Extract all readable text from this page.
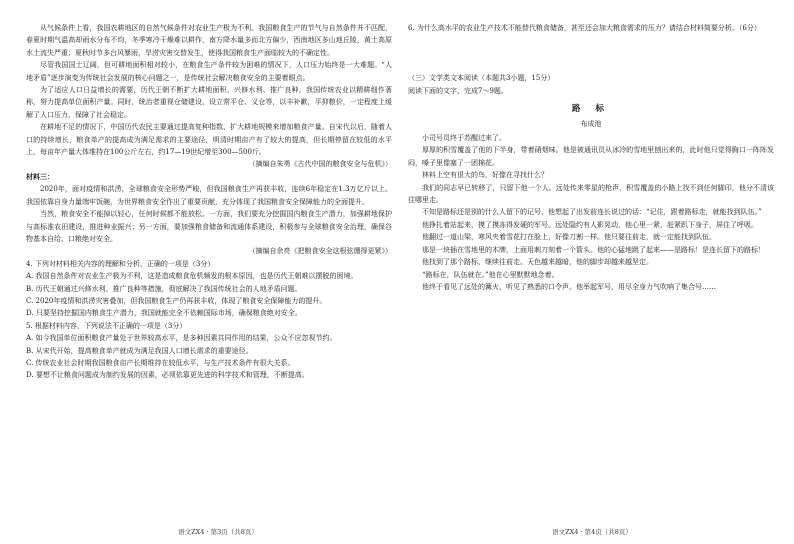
从气候条件上看，我国农耕地区的自然气候条件对农业生产极为不利。我国粮食生产的节气与自然条件并不匹配，春夏时期气温高却雨水分布不均，冬季寒冷干燥难以耕作，南方降水量多而北方偏少，西南地区多山地丘陵，黄土高原水土流失严重；夏秋时节多台风暴雨，旱涝灾害交替发生，使得我国粮食生产面临较大的不确定性。

尽管我国国土辽阔，但可耕地面积相对较小，在粮食生产条件较为困难的情况下，人口压力始终是一大难题。“人地矛盾”逐步演变为传统社会发展的核心问题之一，是传统社会解决粮食安全的主要着眼点。

为了适应人口日益增长的需要，历代王朝不断扩大耕地面积、兴修水利、推广良种，我国传统农业以精耕细作著称，努力提高单位面积产量。同时，统治者重视仓储建设，设立常平仓、义仓等，以丰补歉，平抑粮价，一定程度上缓解了人口压力，保障了社会稳定。

在耕地不足的情况下，中国历代农民主要通过提高复种指数、扩大耕地规模来增加粮食产量。自宋代以后，随着人口的持续增长，粮食单产的提高成为满足需求的主要途径，明清时期亩产有了较大的提高，但长期停留在较低的水平上，每亩年产量大体维持在100公斤左右，约17—19世纪增至300—500斤。

（摘编自朱勇《古代中国的粮食安全与危机》）

材料三：

2020年，面对疫情和洪涝，全球粮食安全形势严峻，但我国粮食生产再获丰收，连续6年稳定在1.3万亿斤以上。我国依靠自身力量端牢饭碗，为世界粮食安全作出了重要贡献，充分体现了我国粮食安全保障能力的全面提升。

当然，粮食安全不能掉以轻心，任何时候都不能放松。一方面，我们要充分挖掘国内粮食生产潜力，加强耕地保护与高标准农田建设，推进种业振兴；另一方面，要加强粮食储备和流通体系建设，积极参与全球粮食安全治理，确保谷物基本自给、口粮绝对安全。

（摘编自余亮《把粮食安全这根弦绷得更紧》）

4. 下列对材料相关内容的理解和分析，正确的一项是（3分）

A. 我国自然条件对农业生产极为不利，这是造成粮食危机频发的根本原因，也是历代王朝难以摆脱的困境。

B. 历代王朝通过兴修水利、推广良种等措施，彻底解决了我国传统社会的人地矛盾问题。

C. 2020年疫情和洪涝灾害叠加，但我国粮食生产仍再获丰收，体现了粮食安全保障能力的提升。

D. 只要坚持挖掘国内粮食生产潜力，我国就能完全不依赖国际市场，确保粮食绝对安全。

5. 根据材料内容，下列说法不正确的一项是（3分）

A. 如今我国单位面积粮食产量处于世界较高水平，是多种因素共同作用的结果，公众不应忽视节约。

B. 从宋代开始，提高粮食单产就成为满足我国人口增长需求的重要途径。

C. 传统农业社会时期我国粮食亩产长期维持在较低水平，与生产技术条件有很大关系。

D. 要想不让粮食问题成为制约发展的因素，必须依靠更先进的科学技术和管理，不断提高。

6. 为什么高水平的农业生产技术不能替代粮食储备，甚至还会加大粮食需求的压力？请结合材料简要分析。（6分）

（三）文学类文本阅读（本题共3小题，15分）

阅读下面的文字，完成7～9题。

路 标

布成池

小司号员终于苏醒过来了。

厚厚的积雪覆盖了他的下半身，带着硝烟味。他是被通讯员从冰冷的雪地里刨出来的，此时他只觉得胸口一阵阵发闷，嗓子里像塞了一团棉花。

林料上空有很大的鸟，好像在寻找什么？

我们的同志早已转移了，只留下他一个人。远处传来零星的枪声，积雪覆盖的小路上找不到任何脚印，他分不清该往哪里走。

不知是路标还是别的什么人留下的记号，他想起了出发前连长说过的话：“记住，跟着路标走，就能找到队伍。”

他挣扎着站起来，摸了摸冻得发硬的军号。远处隐约有人影晃动，他心里一紧，赶紧趴下身子，屏住了呼吸。

他翻过一道山梁，寒风夹着雪花打在脸上，好像刀割一样。他只要往前走，就一定能找到队伍。

那是一块插在雪地里的木牌，上面用刺刀刻着一个箭头。他的心猛地跳了起来——是路标！是连长留下的路标！

他找到了那个路标，继续往前走。天色越来越暗，他的脚步却越来越坚定。

“路标在，队伍就在。”他在心里默默地念着。

他终于看见了远处的篝火，听见了熟悉的口令声。他举起军号，用尽全身力气吹响了集合号……

语文ZX4 · 第3页（共8页）	语文ZX4 · 第4页（共8页）
